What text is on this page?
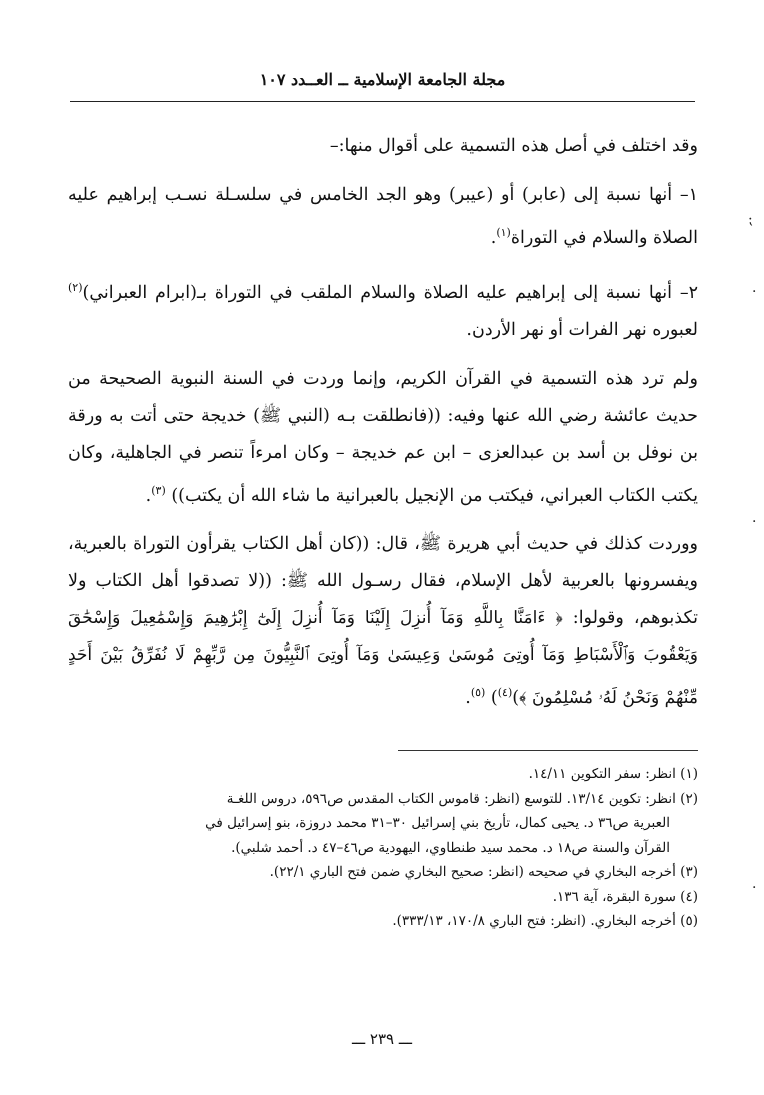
مجلة الجامعة الإسلامية ــ العــدد ١٠٧

وقد اختلف في أصل هذه التسمية على أقوال منها:–

١– أنها نسبة إلى (عابر) أو (عيبر) وهو الجد الخامس في سلسـلة نسـب إبراهيم عليه الصلاة والسلام في التوراة$^{(١)}$.

٢– أنها نسبة إلى إبراهيم عليه الصلاة والسلام الملقب في التوراة بـ(ابرام العبراني)$^{(٢)}$ لعبوره نهر الفرات أو نهر الأردن.

ولم ترد هذه التسمية في القرآن الكريم، وإنما وردت في السنة النبوية الصحيحة من حديث عائشة رضي الله عنها وفيه: ((فانطلقت بـه (النبي ﷺ) خديجة حتى أتت به ورقة بن نوفل بن أسد بن عبدالعزى – ابن عم خديجة – وكان امرءاً تنصر في الجاهلية، وكان يكتب الكتاب العبراني، فيكتب من الإنجيل بالعبرانية ما شاء الله أن يكتب)) $^{(٣)}$.

ووردت كذلك في حديث أبي هريرة ﷺ، قال: ((كان أهل الكتاب يقرأون التوراة بالعبرية، ويفسرونها بالعربية لأهل الإسلام، فقال رسـول الله ﷺ: ((لا تصدقوا أهل الكتاب ولا تكذبوهم، وقولوا: ﴿ ءَامَنَّا بِاللَّهِ وَمَآ أُنزِلَ إِلَيْنَا وَمَآ أُنزِلَ إِلَىٰٓ إِبْرَٰهِيمَ وَإِسْمَٰعِيلَ وَإِسْحَٰقَ وَيَعْقُوبَ وَٱلْأَسْبَاطِ وَمَآ أُوتِىَ مُوسَىٰ وَعِيسَىٰ وَمَآ أُوتِىَ ٱلنَّبِيُّونَ مِن رَّبِّهِمْ لَا نُفَرِّقُ بَيْنَ أَحَدٍ مِّنْهُمْ وَنَحْنُ لَهُۥ مُسْلِمُونَ ﴾)$^{(٤)}$) $^{(٥)}$.

(١) انظر: سفر التكوين ١٤/١١.

(٢) انظر: تكوين ١٣/١٤. للتوسع (انظر: قاموس الكتاب المقدس ص٥٩٦، دروس اللغـة

العبرية ص٣٦ د. يحيى كمال، تأريخ بني إسرائيل ٣٠–٣١ محمد دروزة، بنو إسرائيل في

القرآن والسنة ص١٨ د. محمد سيد طنطاوي، اليهودية ص٤٦–٤٧ د. أحمد شلبي).

(٣) أخرجه البخاري في صحيحه (انظر: صحيح البخاري ضمن فتح الباري ٢٢/١).

(٤) سورة البقرة، آية ١٣٦.

(٥) أخرجه البخاري. (انظر: فتح الباري ١٧٠/٨، ٣٣٣/١٣).

ـــ ٢٣٩ ـــ
⁏
·
·
·
